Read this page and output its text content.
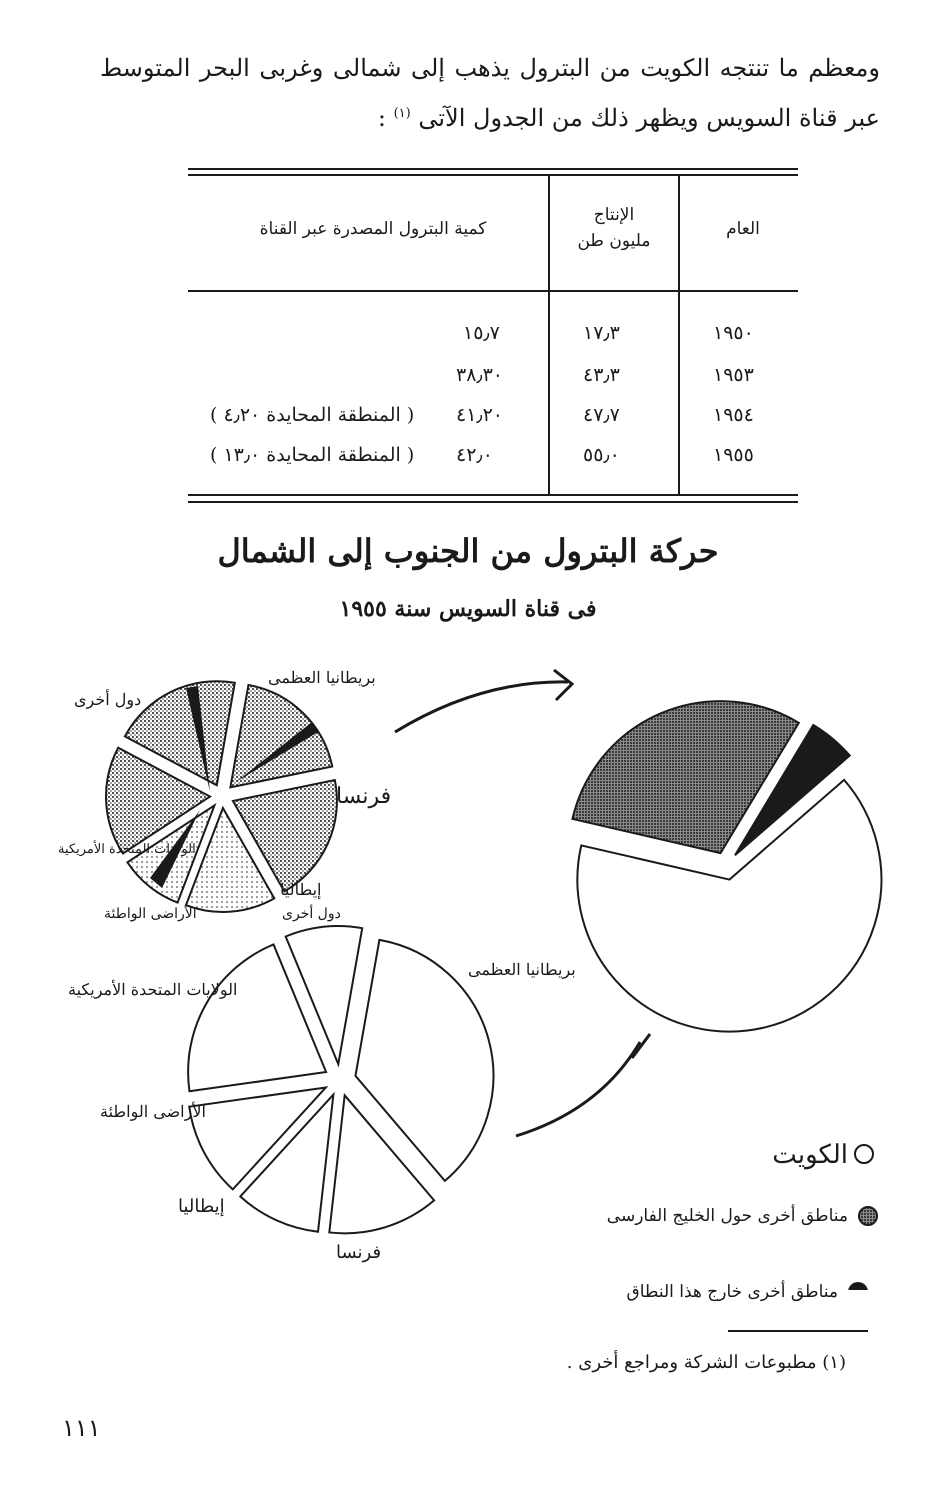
ومعظم ما تنتجه الكويت من البترول يذهب إلى شمالى وغربى البحر المتوسط عبر قناة السويس ويظهر ذلك من الجدول الآتى $^{(١)}$ :

العام
الإنتاج
مليون طن
كمية البترول المصدرة عبر القناة
١٩٥٠
١٧٫٣
١٥٫٧
١٩٥٣
٤٣٫٣
٣٨٫٣٠
١٩٥٤
٤٧٫٧
٤١٫٢٠
( المنطقة المحايدة ٤٫٢٠ )
١٩٥٥
٥٥٫٠
٤٢٫٠
( المنطقة المحايدة ١٣٫٠ )
حركة البترول من الجنوب إلى الشمال
فى قناة السويس سنة ١٩٥٥
بريطانيا العظمى
فرنسا
إيطاليا
الأراضى الواطئة
الولايات المتحدة الأمريكية
دول أخرى
بريطانيا العظمى
فرنسا
إيطاليا
الأراضى الواطئة
الولايات المتحدة الأمريكية
دول أخرى
الكويت
مناطق أخرى حول الخليج الفارسى
مناطق أخرى خارج هذا النطاق
(١) مطبوعات الشركة ومراجع أخرى .
١١١
